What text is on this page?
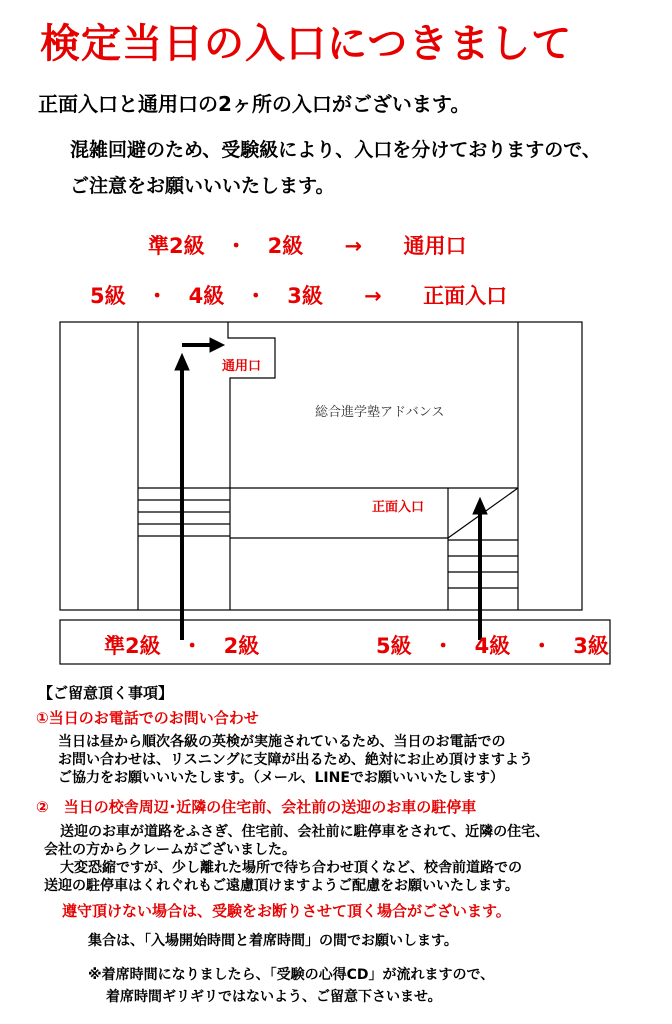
検定当日の入口につきまして
正面入口と通用口の2ヶ所の入口がございます。
混雑回避のため、受験級により、入口を分けておりますので、
ご注意をお願いいいたします。
準2級　・　2級 → 通用口
5級　・　4級　・　3級 → 正面入口
通用口
正面入口
総合進学塾アドバンス
準2級　・　2級	5級　・　4級　・　3級
【ご留意頂く事項】
①当日のお電話でのお問い合わせ
当日は昼から順次各級の英検が実施されているため、当日のお電話での
お問い合わせは、リスニングに支障が出るため、絶対にお止め頂けますよう
ご協力をお願いいいたします。（メール、LINEでお願いいいたします）
②　当日の校舎周辺･近隣の住宅前、会社前の送迎のお車の駐停車
送迎のお車が道路をふさぎ、住宅前、会社前に駐停車をされて、近隣の住宅、
会社の方からクレームがございました。
大変恐縮ですが、少し離れた場所で待ち合わせ頂くなど、校舎前道路での
送迎の駐停車はくれぐれもご遠慮頂けますようご配慮をお願いいたします。
遵守頂けない場合は、受験をお断りさせて頂く場合がございます。
集合は、「入場開始時間と着席時間」の間でお願いします。
※着席時間になりましたら、「受験の心得CD」が流れますので、
着席時間ギリギリではないよう、ご留意下さいませ。
